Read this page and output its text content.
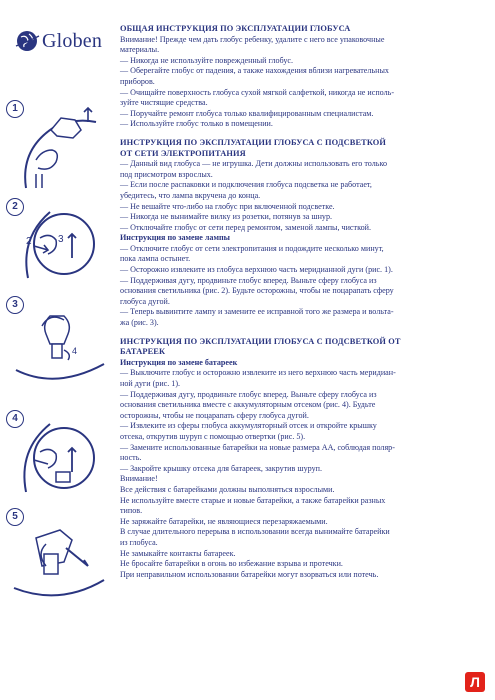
Globen
1
2
2	3
3
4
4
5

ОБЩАЯ ИНСТРУКЦИЯ ПО ЭКСПЛУАТАЦИИ ГЛОБУСА

Внимание! Прежде чем дать глобус ребенку, удалите с него все упаковочные

материалы.

— Никогда не используйте поврежденный глобус.

— Оберегайте глобус от падения, а также нахождения вблизи нагревательных

приборов.

— Очищайте поверхность глобуса сухой мягкой салфеткой, никогда не исполь-

зуйте чистящие средства.

— Поручайте ремонт глобуса только квалифицированным специалистам.

— Используйте глобус только в помещении.

ИНСТРУКЦИЯ ПО ЭКСПЛУАТАЦИИ ГЛОБУСА С ПОДСВЕТКОЙ

ОТ СЕТИ ЭЛЕКТРОПИТАНИЯ

— Данный вид глобуса — не игрушка. Дети должны использовать его только

под присмотром взрослых.

— Если после распаковки и подключения глобуса подсветка не работает,

убедитесь, что лампа вкручена до конца.

— Не вешайте что-либо на глобус при включенной подсветке.

— Никогда не вынимайте вилку из розетки, потянув за шнур.

— Отключайте глобус от сети перед ремонтом, заменой лампы, чисткой.

Инструкция по замене лампы

— Отключите глобус от сети электропитания и подождите несколько минут,

пока лампа остынет.

— Осторожно извлеките из глобуса верхнюю часть меридианной дуги (рис. 1).

— Поддерживая дугу, продвиньте глобус вперед. Выньте сферу глобуса из

основания светильника (рис. 2). Будьте осторожны, чтобы не поцарапать сферу

глобуса дугой.

— Теперь вывинтите лампу и замените ее исправной того же размера и вольта-

жа (рис. 3).

ИНСТРУКЦИЯ ПО ЭКСПЛУАТАЦИИ ГЛОБУСА С ПОДСВЕТКОЙ ОТ

БАТАРЕЕК

Инструкция по замене батареек

— Выключите глобус и осторожно извлеките из него верхнюю часть меридиан-

ной дуги (рис. 1).

— Поддерживая дугу, продвиньте глобус вперед. Выньте сферу глобуса из

основания светильника вместе с аккумуляторным отсеком (рис. 4). Будьте

осторожны, чтобы не поцарапать сферу глобуса дугой.

— Извлеките из сферы глобуса аккумуляторный отсек и откройте крышку

отсека, открутив шуруп с помощью отвертки (рис. 5).

— Замените использованные батарейки на новые размера АА, соблюдая поляр-

ность.

— Закройте крышку отсека для батареек, закрутив шуруп.

Внимание!

Все действия с батарейками должны выполняться взрослыми.

Не используйте вместе старые и новые батарейки, а также батарейки разных

типов.

Не заряжайте батарейки, не являющиеся перезаряжаемыми.

В случае длительного перерыва в использовании всегда вынимайте батарейки

из глобуса.

Не замыкайте контакты батареек.

Не бросайте батарейки в огонь во избежание взрыва и протечки.

При неправильном использовании батарейки могут взорваться или потечь.

Л
